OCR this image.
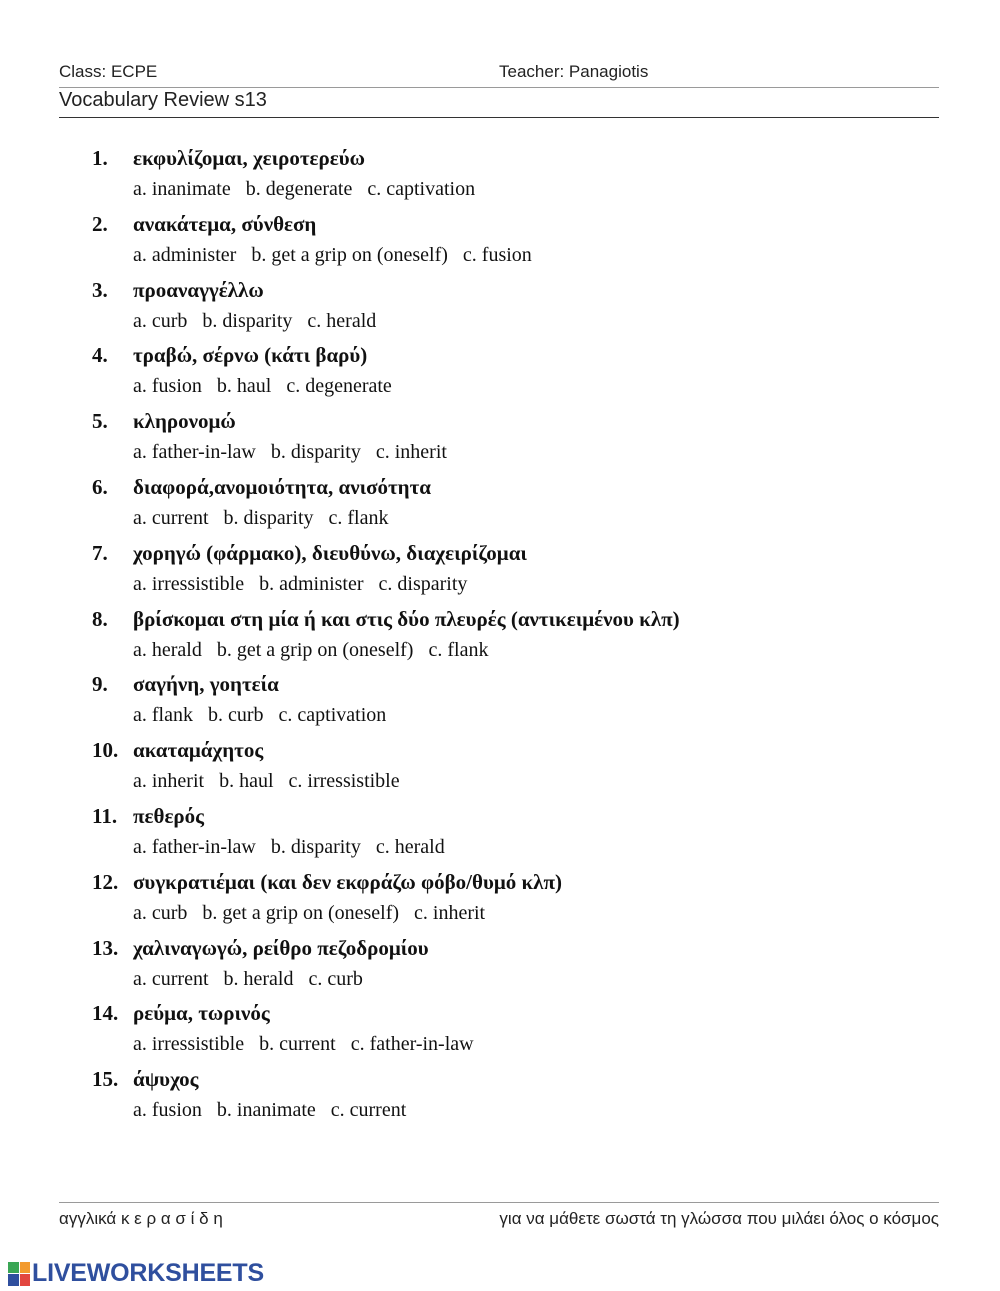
Class: ECPE	Teacher: Panagiotis
Vocabulary Review s13
1. εκφυλίζομαι, χειροτερεύω
a. inanimate b. degenerate c. captivation
2. ανακάτεμα, σύνθεση
a. administer b. get a grip on (oneself) c. fusion
3. προαναγγέλλω
a. curb b. disparity c. herald
4. τραβώ, σέρνω (κάτι βαρύ)
a. fusion b. haul c. degenerate
5. κληρονομώ
a. father-in-law b. disparity c. inherit
6. διαφορά,ανομοιότητα, ανισότητα
a. current b. disparity c. flank
7. χορηγώ (φάρμακο), διευθύνω, διαχειρίζομαι
a. irressistible b. administer c. disparity
8. βρίσκομαι στη μία ή και στις δύο πλευρές (αντικειμένου κλπ)
a. herald b. get a grip on (oneself) c. flank
9. σαγήνη, γοητεία
a. flank b. curb c. captivation
10. ακαταμάχητος
a. inherit b. haul c. irressistible
11. πεθερός
a. father-in-law b. disparity c. herald
12. συγκρατιέμαι (και δεν εκφράζω φόβο/θυμό κλπ)
a. curb b. get a grip on (oneself) c. inherit
13. χαλιναγωγώ, ρείθρο πεζοδρομίου
a. current b. herald c. curb
14. ρεύμα, τωρινός
a. irressistible b. current c. father-in-law
15. άψυχος
a. fusion b. inanimate c. current
αγγλικά κ ε ρ α σ ί δ η	για να μάθετε σωστά τη γλώσσα που μιλάει όλος ο κόσμος
LIVEWORKSHEETS
